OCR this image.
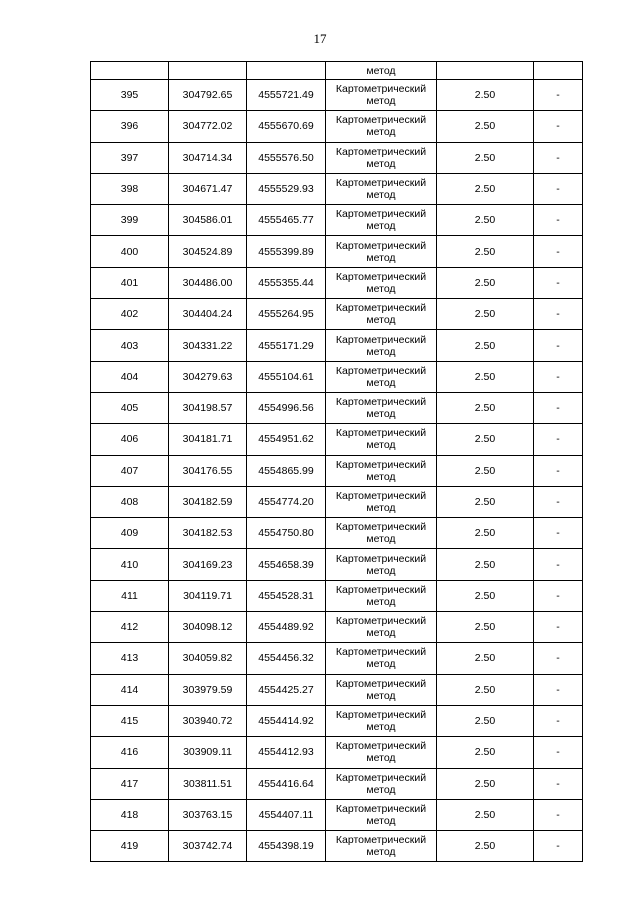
17
			метод		
395	304792.65	4555721.49	Картометрический метод	2.50	-
396	304772.02	4555670.69	Картометрический метод	2.50	-
397	304714.34	4555576.50	Картометрический метод	2.50	-
398	304671.47	4555529.93	Картометрический метод	2.50	-
399	304586.01	4555465.77	Картометрический метод	2.50	-
400	304524.89	4555399.89	Картометрический метод	2.50	-
401	304486.00	4555355.44	Картометрический метод	2.50	-
402	304404.24	4555264.95	Картометрический метод	2.50	-
403	304331.22	4555171.29	Картометрический метод	2.50	-
404	304279.63	4555104.61	Картометрический метод	2.50	-
405	304198.57	4554996.56	Картометрический метод	2.50	-
406	304181.71	4554951.62	Картометрический метод	2.50	-
407	304176.55	4554865.99	Картометрический метод	2.50	-
408	304182.59	4554774.20	Картометрический метод	2.50	-
409	304182.53	4554750.80	Картометрический метод	2.50	-
410	304169.23	4554658.39	Картометрический метод	2.50	-
411	304119.71	4554528.31	Картометрический метод	2.50	-
412	304098.12	4554489.92	Картометрический метод	2.50	-
413	304059.82	4554456.32	Картометрический метод	2.50	-
414	303979.59	4554425.27	Картометрический метод	2.50	-
415	303940.72	4554414.92	Картометрический метод	2.50	-
416	303909.11	4554412.93	Картометрический метод	2.50	-
417	303811.51	4554416.64	Картометрический метод	2.50	-
418	303763.15	4554407.11	Картометрический метод	2.50	-
419	303742.74	4554398.19	Картометрический метод	2.50	-
